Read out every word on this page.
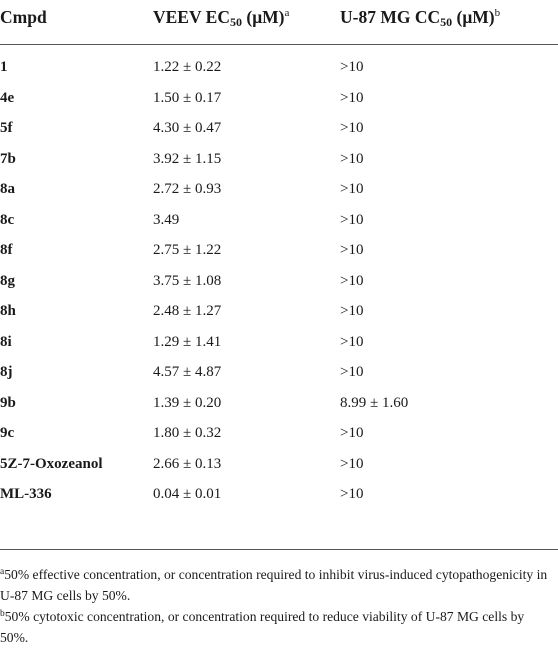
Cmpd	VEEV $EC_{50}$ $(\mu M)^a$	U-87 MG $CC_{50}$ $(\mu M)^b$
1	1.22 ± 0.22	>10
4e	1.50 ± 0.17	>10
5f	4.30 ± 0.47	>10
7b	3.92 ± 1.15	>10
8a	2.72 ± 0.93	>10
8c	3.49	>10
8f	2.75 ± 1.22	>10
8g	3.75 ± 1.08	>10
8h	2.48 ± 1.27	>10
8i	1.29 ± 1.41	>10
8j	4.57 ± 4.87	>10
9b	1.39 ± 0.20	8.99 ± 1.60
9c	1.80 ± 0.32	>10
5Z-7-Oxozeanol	2.66 ± 0.13	>10
ML-336	0.04 ± 0.01	>10

$^a$50% effective concentration, or concentration required to inhibit virus-induced cytopathogenicity in U-87 MG cells by 50%.

$^b$50% cytotoxic concentration, or concentration required to reduce viability of U-87 MG cells by 50%.
